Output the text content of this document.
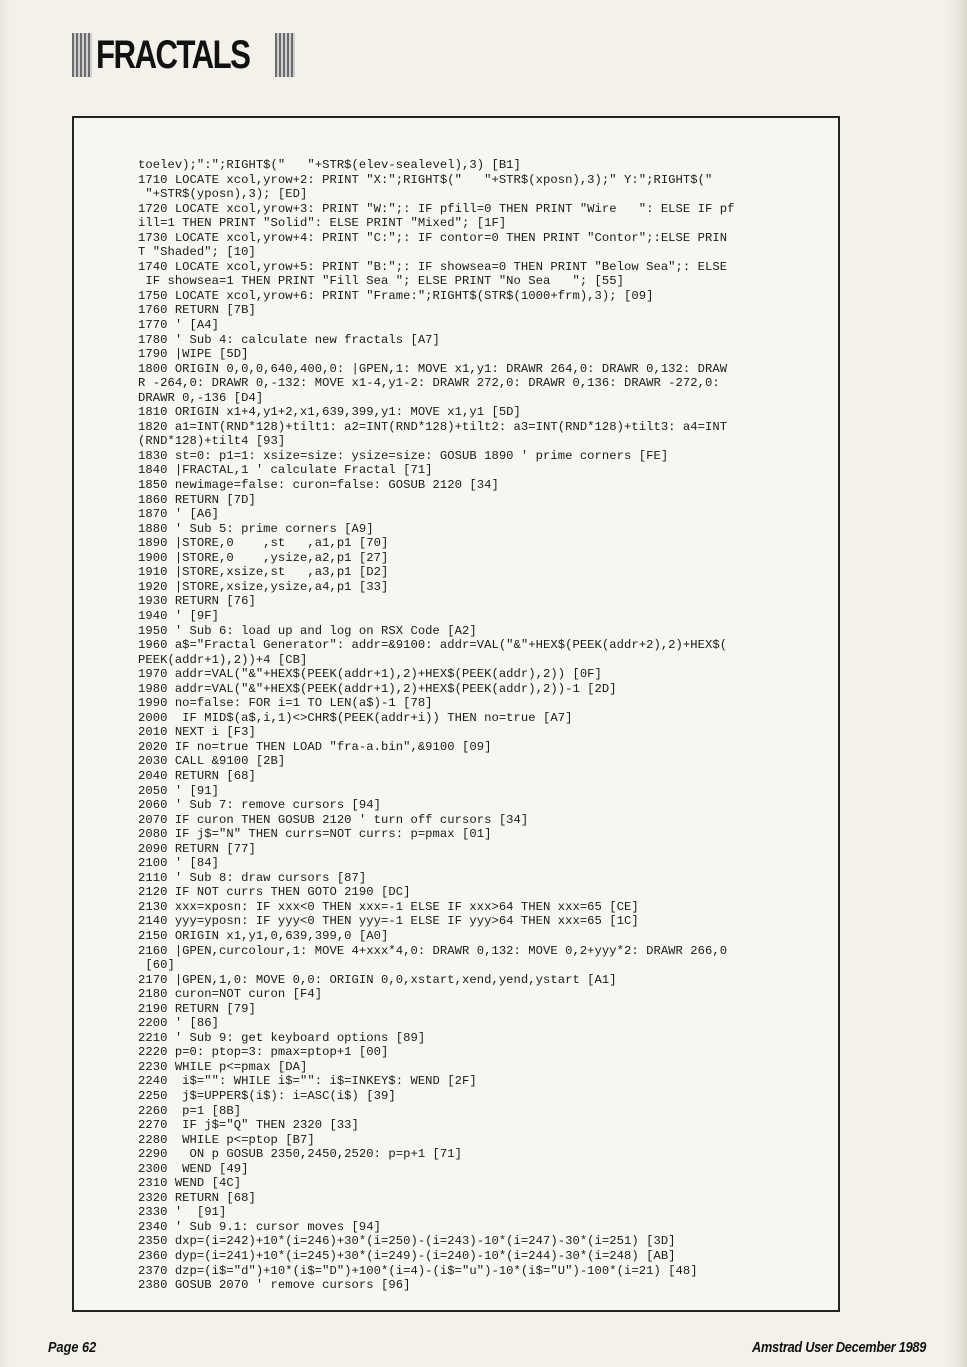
FRACTALS
toelev);":";RIGHT$("   "+STR$(elev-sealevel),3) [B1]
1710 LOCATE xcol,yrow+2: PRINT "X:";RIGHT$("   "+STR$(xposn),3);" Y:";RIGHT$("
"+STR$(yposn),3); [ED]
1720 LOCATE xcol,yrow+3: PRINT "W:";: IF pfill=0 THEN PRINT "Wire   ": ELSE IF pf
ill=1 THEN PRINT "Solid": ELSE PRINT "Mixed"; [1F]
1730 LOCATE xcol,yrow+4: PRINT "C:";: IF contor=0 THEN PRINT "Contor";:ELSE PRIN
T "Shaded"; [10]
1740 LOCATE xcol,yrow+5: PRINT "B:";: IF showsea=0 THEN PRINT "Below Sea";: ELSE
IF showsea=1 THEN PRINT "Fill Sea "; ELSE PRINT "No Sea   "; [55]
1750 LOCATE xcol,yrow+6: PRINT "Frame:";RIGHT$(STR$(1000+frm),3); [09]
1760 RETURN [7B]
1770 ' [A4]
1780 ' Sub 4: calculate new fractals [A7]
1790 |WIPE [5D]
1800 ORIGIN 0,0,0,640,400,0: |GPEN,1: MOVE x1,y1: DRAWR 264,0: DRAWR 0,132: DRAW
R -264,0: DRAWR 0,-132: MOVE x1-4,y1-2: DRAWR 272,0: DRAWR 0,136: DRAWR -272,0:
DRAWR 0,-136 [D4]
1810 ORIGIN x1+4,y1+2,x1,639,399,y1: MOVE x1,y1 [5D]
1820 a1=INT(RND*128)+tilt1: a2=INT(RND*128)+tilt2: a3=INT(RND*128)+tilt3: a4=INT
(RND*128)+tilt4 [93]
1830 st=0: p1=1: xsize=size: ysize=size: GOSUB 1890 ' prime corners [FE]
1840 |FRACTAL,1 ' calculate Fractal [71]
1850 newimage=false: curon=false: GOSUB 2120 [34]
1860 RETURN [7D]
1870 ' [A6]
1880 ' Sub 5: prime corners [A9]
1890 |STORE,0    ,st   ,a1,p1 [70]
1900 |STORE,0    ,ysize,a2,p1 [27]
1910 |STORE,xsize,st   ,a3,p1 [D2]
1920 |STORE,xsize,ysize,a4,p1 [33]
1930 RETURN [76]
1940 ' [9F]
1950 ' Sub 6: load up and log on RSX Code [A2]
1960 a$="Fractal Generator": addr=&9100: addr=VAL("&"+HEX$(PEEK(addr+2),2)+HEX$(
PEEK(addr+1),2))+4 [CB]
1970 addr=VAL("&"+HEX$(PEEK(addr+1),2)+HEX$(PEEK(addr),2)) [0F]
1980 addr=VAL("&"+HEX$(PEEK(addr+1),2)+HEX$(PEEK(addr),2))-1 [2D]
1990 no=false: FOR i=1 TO LEN(a$)-1 [78]
2000  IF MID$(a$,i,1)<>CHR$(PEEK(addr+i)) THEN no=true [A7]
2010 NEXT i [F3]
2020 IF no=true THEN LOAD "fra-a.bin",&9100 [09]
2030 CALL &9100 [2B]
2040 RETURN [68]
2050 ' [91]
2060 ' Sub 7: remove cursors [94]
2070 IF curon THEN GOSUB 2120 ' turn off cursors [34]
2080 IF j$="N" THEN currs=NOT currs: p=pmax [01]
2090 RETURN [77]
2100 ' [84]
2110 ' Sub 8: draw cursors [87]
2120 IF NOT currs THEN GOTO 2190 [DC]
2130 xxx=xposn: IF xxx<0 THEN xxx=-1 ELSE IF xxx>64 THEN xxx=65 [CE]
2140 yyy=yposn: IF yyy<0 THEN yyy=-1 ELSE IF yyy>64 THEN xxx=65 [1C]
2150 ORIGIN x1,y1,0,639,399,0 [A0]
2160 |GPEN,curcolour,1: MOVE 4+xxx*4,0: DRAWR 0,132: MOVE 0,2+yyy*2: DRAWR 266,0
[60]
2170 |GPEN,1,0: MOVE 0,0: ORIGIN 0,0,xstart,xend,yend,ystart [A1]
2180 curon=NOT curon [F4]
2190 RETURN [79]
2200 ' [86]
2210 ' Sub 9: get keyboard options [89]
2220 p=0: ptop=3: pmax=ptop+1 [00]
2230 WHILE p<=pmax [DA]
2240  i$="": WHILE i$="": i$=INKEY$: WEND [2F]
2250  j$=UPPER$(i$): i=ASC(i$) [39]
2260  p=1 [8B]
2270  IF j$="Q" THEN 2320 [33]
2280  WHILE p<=ptop [B7]
2290   ON p GOSUB 2350,2450,2520: p=p+1 [71]
2300  WEND [49]
2310 WEND [4C]
2320 RETURN [68]
2330 '  [91]
2340 ' Sub 9.1: cursor moves [94]
2350 dxp=(i=242)+10*(i=246)+30*(i=250)-(i=243)-10*(i=247)-30*(i=251) [3D]
2360 dyp=(i=241)+10*(i=245)+30*(i=249)-(i=240)-10*(i=244)-30*(i=248) [AB]
2370 dzp=(i$="d")+10*(i$="D")+100*(i=4)-(i$="u")-10*(i$="U")-100*(i=21) [48]
2380 GOSUB 2070 ' remove cursors [96]
Page 62	Amstrad User December 1989
